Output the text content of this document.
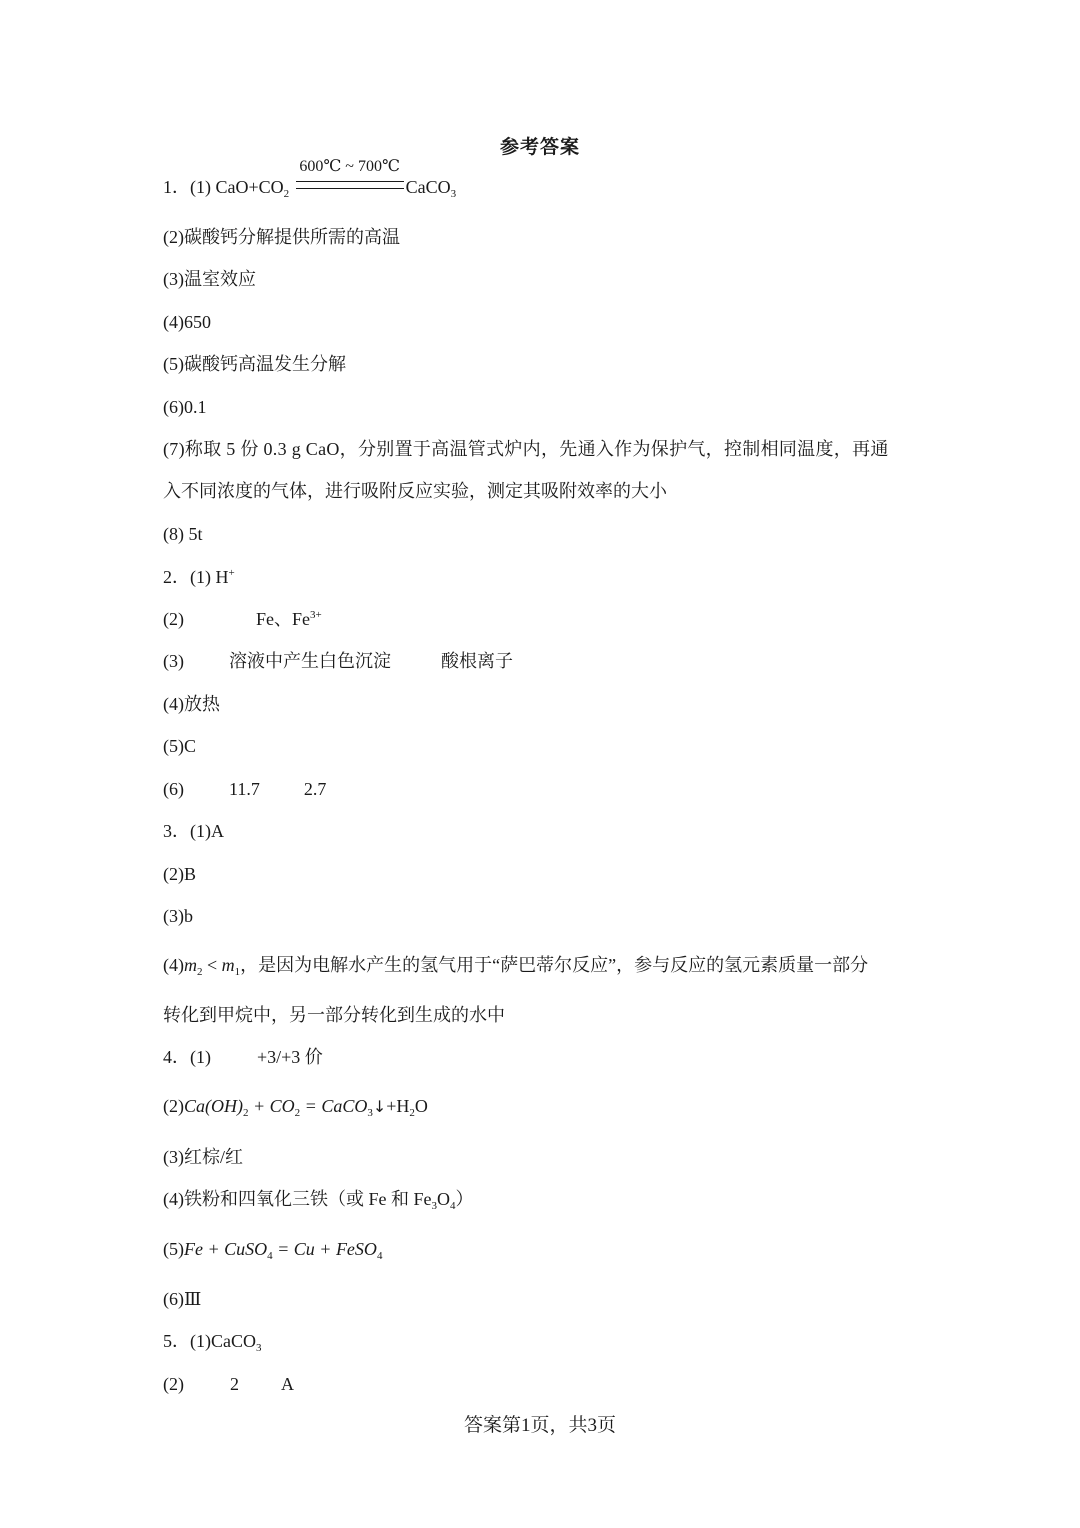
参考答案
1．(1) $CaO+CO_2$
600℃ ~ 700℃
CaCO$_3$
(2)碳酸钙分解提供所需的高温
(3)温室效应
(4)650
(5)碳酸钙高温发生分解
(6)0.1
(7)称取 5 份 0.3 g CaO，分别置于高温管式炉内，先通入作为保护气，控制相同温度，再通
入不同浓度的气体，进行吸附反应实验，测定其吸附效率的大小
(8) 5t
2．(1) H+
(2)	Fe、$Fe^{3+}$
(3)	溶液中产生白色沉淀	酸根离子
(4)放热
(5)C
(6)	11.7 2.7
3．(1)A
(2)B
(3)b
$(4)m_2 < m_1$，是因为电解水产生的氢气用于“萨巴蒂尔反应”，参与反应的氢元素质量一部分
转化到甲烷中，另一部分转化到生成的水中
4．(1)	+3/+3 价
$(2)Ca(OH)_2 + CO_2$ = $CaCO_3↓+H_2O$
(3)红棕/红
(4)铁粉和四氧化三铁（或 Fe 和 $Fe_3O_4$）
(5)Fe + CuSO$_4$ = Cu + FeSO$_4$
(6)Ⅲ
5．(1)CaCO$_3$
(2)	2 A
答案第1页，共3页
